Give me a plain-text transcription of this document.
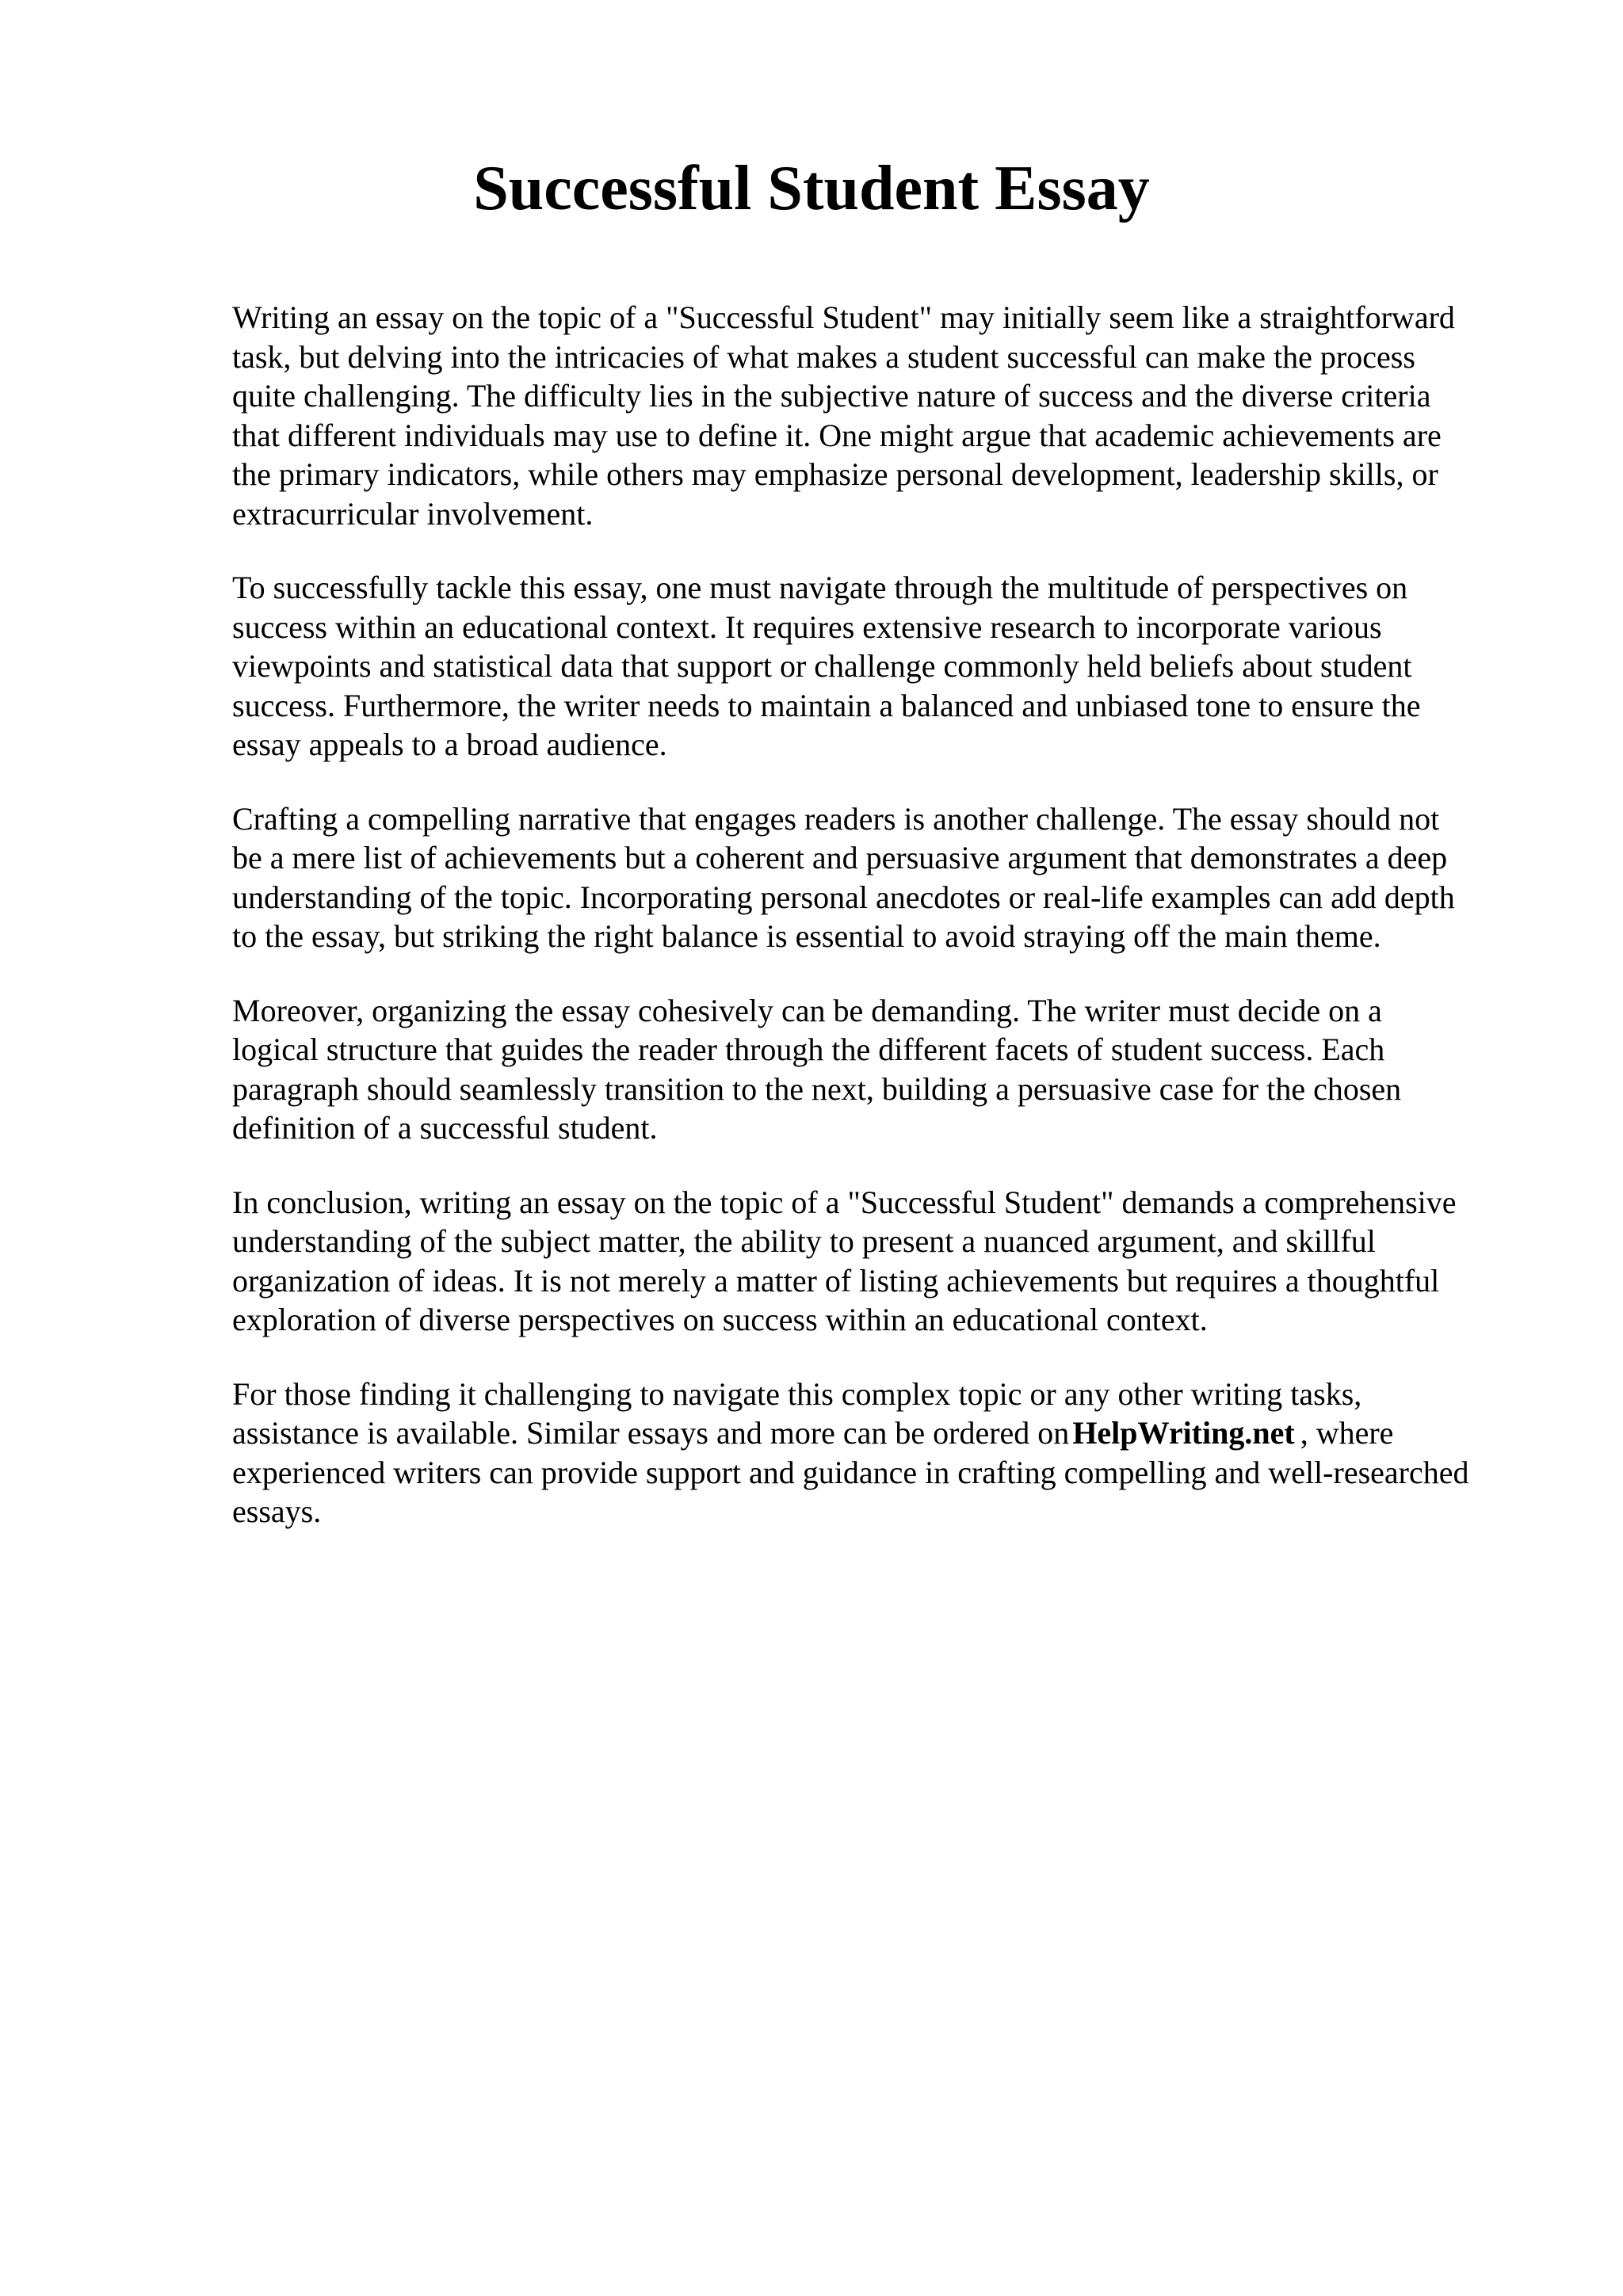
Successful Student Essay

Writing an essay on the topic of a "Successful Student" may initially seem like a straightforward
task, but delving into the intricacies of what makes a student successful can make the process
quite challenging. The difficulty lies in the subjective nature of success and the diverse criteria
that different individuals may use to define it. One might argue that academic achievements are
the primary indicators, while others may emphasize personal development, leadership skills, or
extracurricular involvement.

To successfully tackle this essay, one must navigate through the multitude of perspectives on
success within an educational context. It requires extensive research to incorporate various
viewpoints and statistical data that support or challenge commonly held beliefs about student
success. Furthermore, the writer needs to maintain a balanced and unbiased tone to ensure the
essay appeals to a broad audience.

Crafting a compelling narrative that engages readers is another challenge. The essay should not
be a mere list of achievements but a coherent and persuasive argument that demonstrates a deep
understanding of the topic. Incorporating personal anecdotes or real-life examples can add depth
to the essay, but striking the right balance is essential to avoid straying off the main theme.

Moreover, organizing the essay cohesively can be demanding. The writer must decide on a
logical structure that guides the reader through the different facets of student success. Each
paragraph should seamlessly transition to the next, building a persuasive case for the chosen
definition of a successful student.

In conclusion, writing an essay on the topic of a "Successful Student" demands a comprehensive
understanding of the subject matter, the ability to present a nuanced argument, and skillful
organization of ideas. It is not merely a matter of listing achievements but requires a thoughtful
exploration of diverse perspectives on success within an educational context.

For those finding it challenging to navigate this complex topic or any other writing tasks,
assistance is available. Similar essays and more can be ordered on HelpWriting.net , where
experienced writers can provide support and guidance in crafting compelling and well-researched
essays.
